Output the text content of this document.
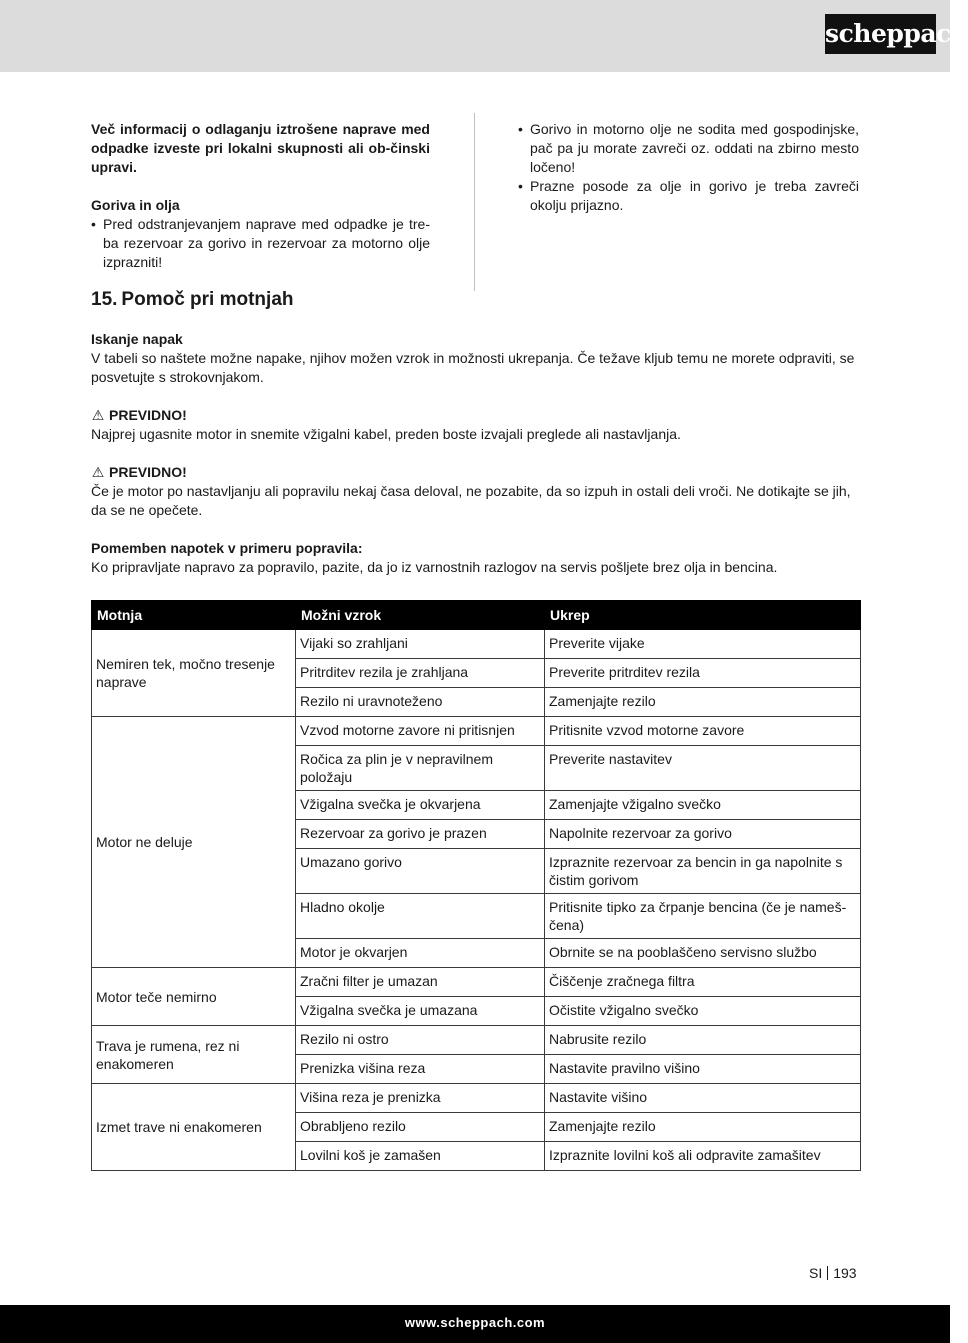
scheppach

Več informacij o odlaganju iztrošene naprave med odpadke izveste pri lokalni skupnosti ali ob-činski upravi.

Goriva in olja

• Pred odstranjevanjem naprave med odpadke je tre-ba rezervoar za gorivo in rezervoar za motorno olje izprazniti!
• Gorivo in motorno olje ne sodita med gospodinjske, pač pa ju morate zavreči oz. oddati na zbirno mesto ločeno!
• Prazne posode za olje in gorivo je treba zavreči okolju prijazno.
15. Pomoč pri motnjah

Iskanje napak

V tabeli so naštete možne napake, njihov možen vzrok in možnosti ukrepanja. Če težave kljub temu ne morete odpraviti, se posvetujte s strokovnjakom.

⚠ PREVIDNO!

Najprej ugasnite motor in snemite vžigalni kabel, preden boste izvajali preglede ali nastavljanja.

⚠ PREVIDNO!

Če je motor po nastavljanju ali popravilu nekaj časa deloval, ne pozabite, da so izpuh in ostali deli vroči. Ne dotikajte se jih, da se ne opečete.

Pomemben napotek v primeru popravila:

Ko pripravljate napravo za popravilo, pazite, da jo iz varnostnih razlogov na servis pošljete brez olja in bencina.

Motnja	Možni vzrok	Ukrep
Nemiren tek, močno tresenje naprave	Vijaki so zrahljani	Preverite vijake
	Pritrditev rezila je zrahljana	Preverite pritrditev rezila
	Rezilo ni uravnoteženo	Zamenjajte rezilo
Motor ne deluje	Vzvod motorne zavore ni pritisnjen	Pritisnite vzvod motorne zavore
	Ročica za plin je v nepravilnem položaju	Preverite nastavitev
	Vžigalna svečka je okvarjena	Zamenjajte vžigalno svečko
	Rezervoar za gorivo je prazen	Napolnite rezervoar za gorivo
	Umazano gorivo	Izpraznite rezervoar za bencin in ga napolnite s čistim gorivom
	Hladno okolje	Pritisnite tipko za črpanje bencina (če je nameš-čena)
	Motor je okvarjen	Obrnite se na pooblaščeno servisno službo
Motor teče nemirno	Zračni filter je umazan	Čiščenje zračnega filtra
	Vžigalna svečka je umazana	Očistite vžigalno svečko
Trava je rumena, rez ni enakomeren	Rezilo ni ostro	Nabrusite rezilo
	Prenizka višina reza	Nastavite pravilno višino
Izmet trave ni enakomeren	Višina reza je prenizka	Nastavite višino
	Obrabljeno rezilo	Zamenjajte rezilo
	Lovilni koš je zamašen	Izpraznite lovilni koš ali odpravite zamašitev
SI 193
www.scheppach.com
